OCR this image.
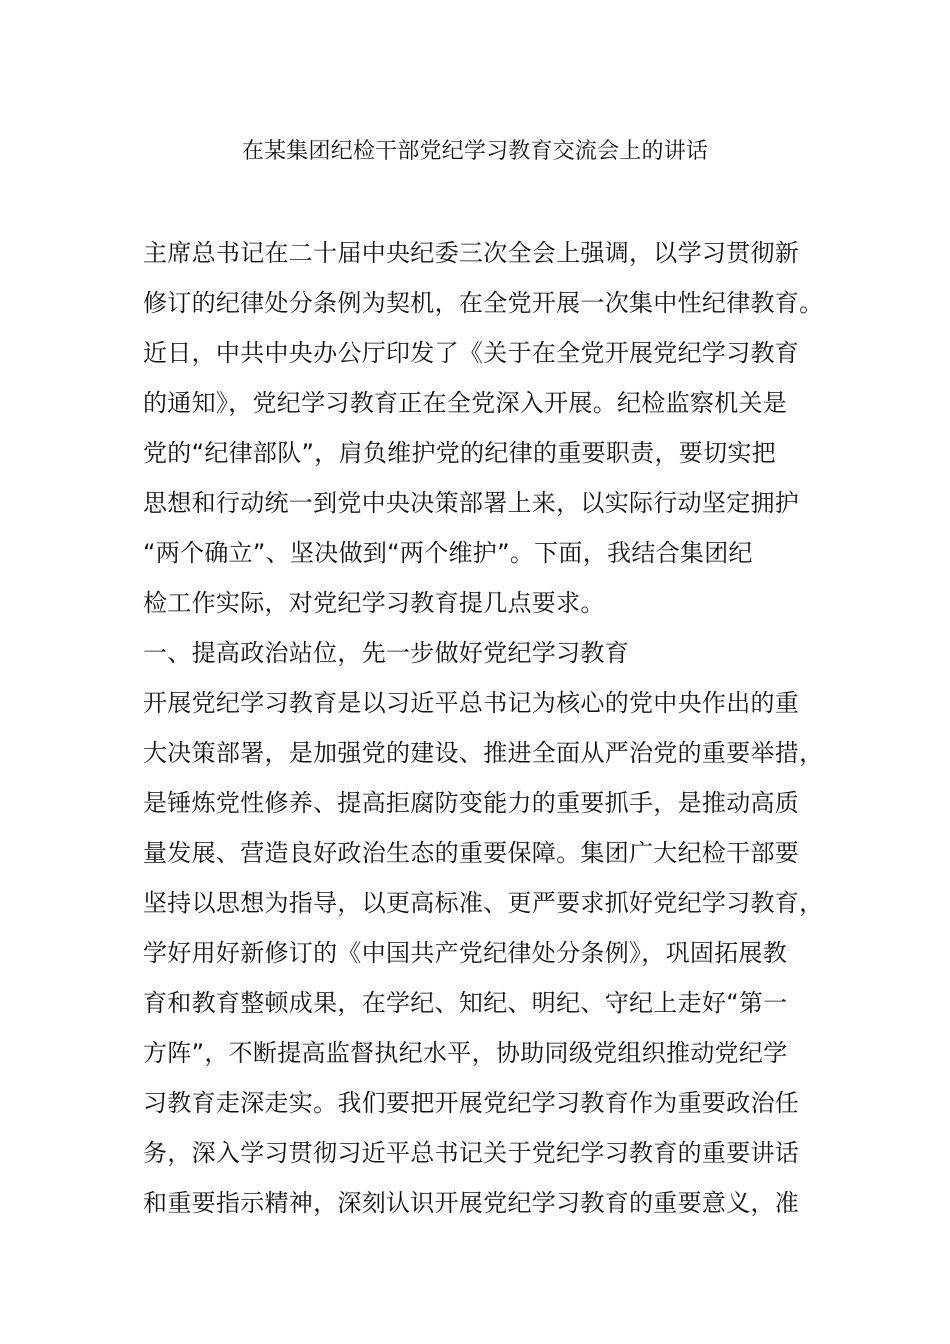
在某集团纪检干部党纪学习教育交流会上的讲话
主席总书记在二十届中央纪委三次全会上强调，以学习贯彻新
修订的纪律处分条例为契机，在全党开展一次集中性纪律教育。
近日，中共中央办公厅印发了《关于在全党开展党纪学习教育
的通知》，党纪学习教育正在全党深入开展。纪检监察机关是
党的“纪律部队”，肩负维护党的纪律的重要职责，要切实把
思想和行动统一到党中央决策部署上来，以实际行动坚定拥护
“两个确立”、坚决做到“两个维护”。下面，我结合集团纪
检工作实际，对党纪学习教育提几点要求。
一、提高政治站位，先一步做好党纪学习教育
开展党纪学习教育是以习近平总书记为核心的党中央作出的重
大决策部署，是加强党的建设、推进全面从严治党的重要举措，
是锤炼党性修养、提高拒腐防变能力的重要抓手，是推动高质
量发展、营造良好政治生态的重要保障。集团广大纪检干部要
坚持以思想为指导，以更高标准、更严要求抓好党纪学习教育，
学好用好新修订的《中国共产党纪律处分条例》，巩固拓展教
育和教育整顿成果，在学纪、知纪、明纪、守纪上走好“第一
方阵”，不断提高监督执纪水平，协助同级党组织推动党纪学
习教育走深走实。我们要把开展党纪学习教育作为重要政治任
务，深入学习贯彻习近平总书记关于党纪学习教育的重要讲话
和重要指示精神，深刻认识开展党纪学习教育的重要意义，准
